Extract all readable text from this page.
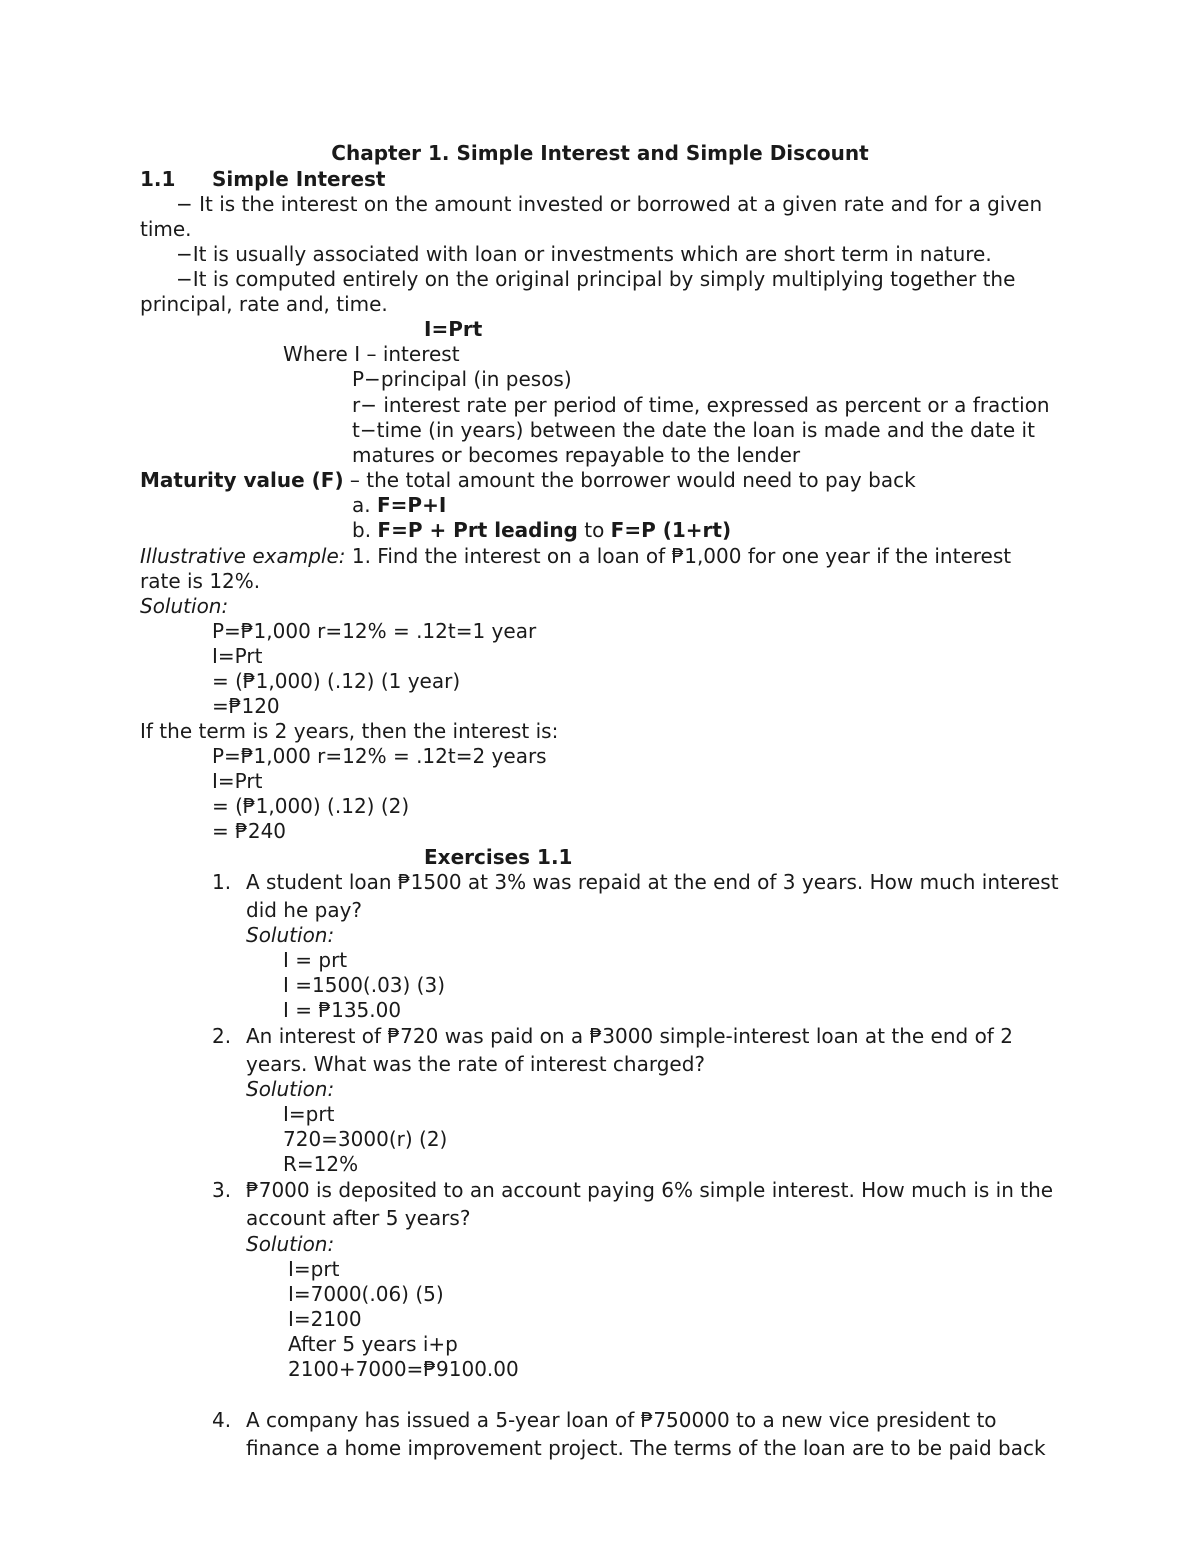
Chapter 1. Simple Interest and Simple Discount
1.1 Simple Interest
− It is the interest on the amount invested or borrowed at a given rate and for a given
time.
−It is usually associated with loan or investments which are short term in nature.
−It is computed entirely on the original principal by simply multiplying together the
principal, rate and, time.
I=Prt
Where I – interest
P−principal (in pesos)
r− interest rate per period of time, expressed as percent or a fraction
t−time (in years) between the date the loan is made and the date it
matures or becomes repayable to the lender
Maturity value (F) – the total amount the borrower would need to pay back
a. F=P+I
b. F=P + Prt leading to F=P (1+rt)
Illustrative example: 1. Find the interest on a loan of ₱1,000 for one year if the interest
rate is 12%.
Solution:
P=₱1,000 r=12% = .12t=1 year
I=Prt
= (₱1,000) (.12) (1 year)
=₱120
If the term is 2 years, then the interest is:
P=₱1,000 r=12% = .12t=2 years
I=Prt
= (₱1,000) (.12) (2)
= ₱240
Exercises 1.1
1. A student loan ₱1500 at 3% was repaid at the end of 3 years. How much interest
did he pay?
Solution:
I = prt
I =1500(.03) (3)
I = ₱135.00
2. An interest of ₱720 was paid on a ₱3000 simple-interest loan at the end of 2
years. What was the rate of interest charged?
Solution:
I=prt
720=3000(r) (2)
R=12%
3. ₱7000 is deposited to an account paying 6% simple interest. How much is in the
account after 5 years?
Solution:
I=prt
I=7000(.06) (5)
I=2100
After 5 years i+p
2100+7000=₱9100.00
4. A company has issued a 5-year loan of ₱750000 to a new vice president to
finance a home improvement project. The terms of the loan are to be paid back
